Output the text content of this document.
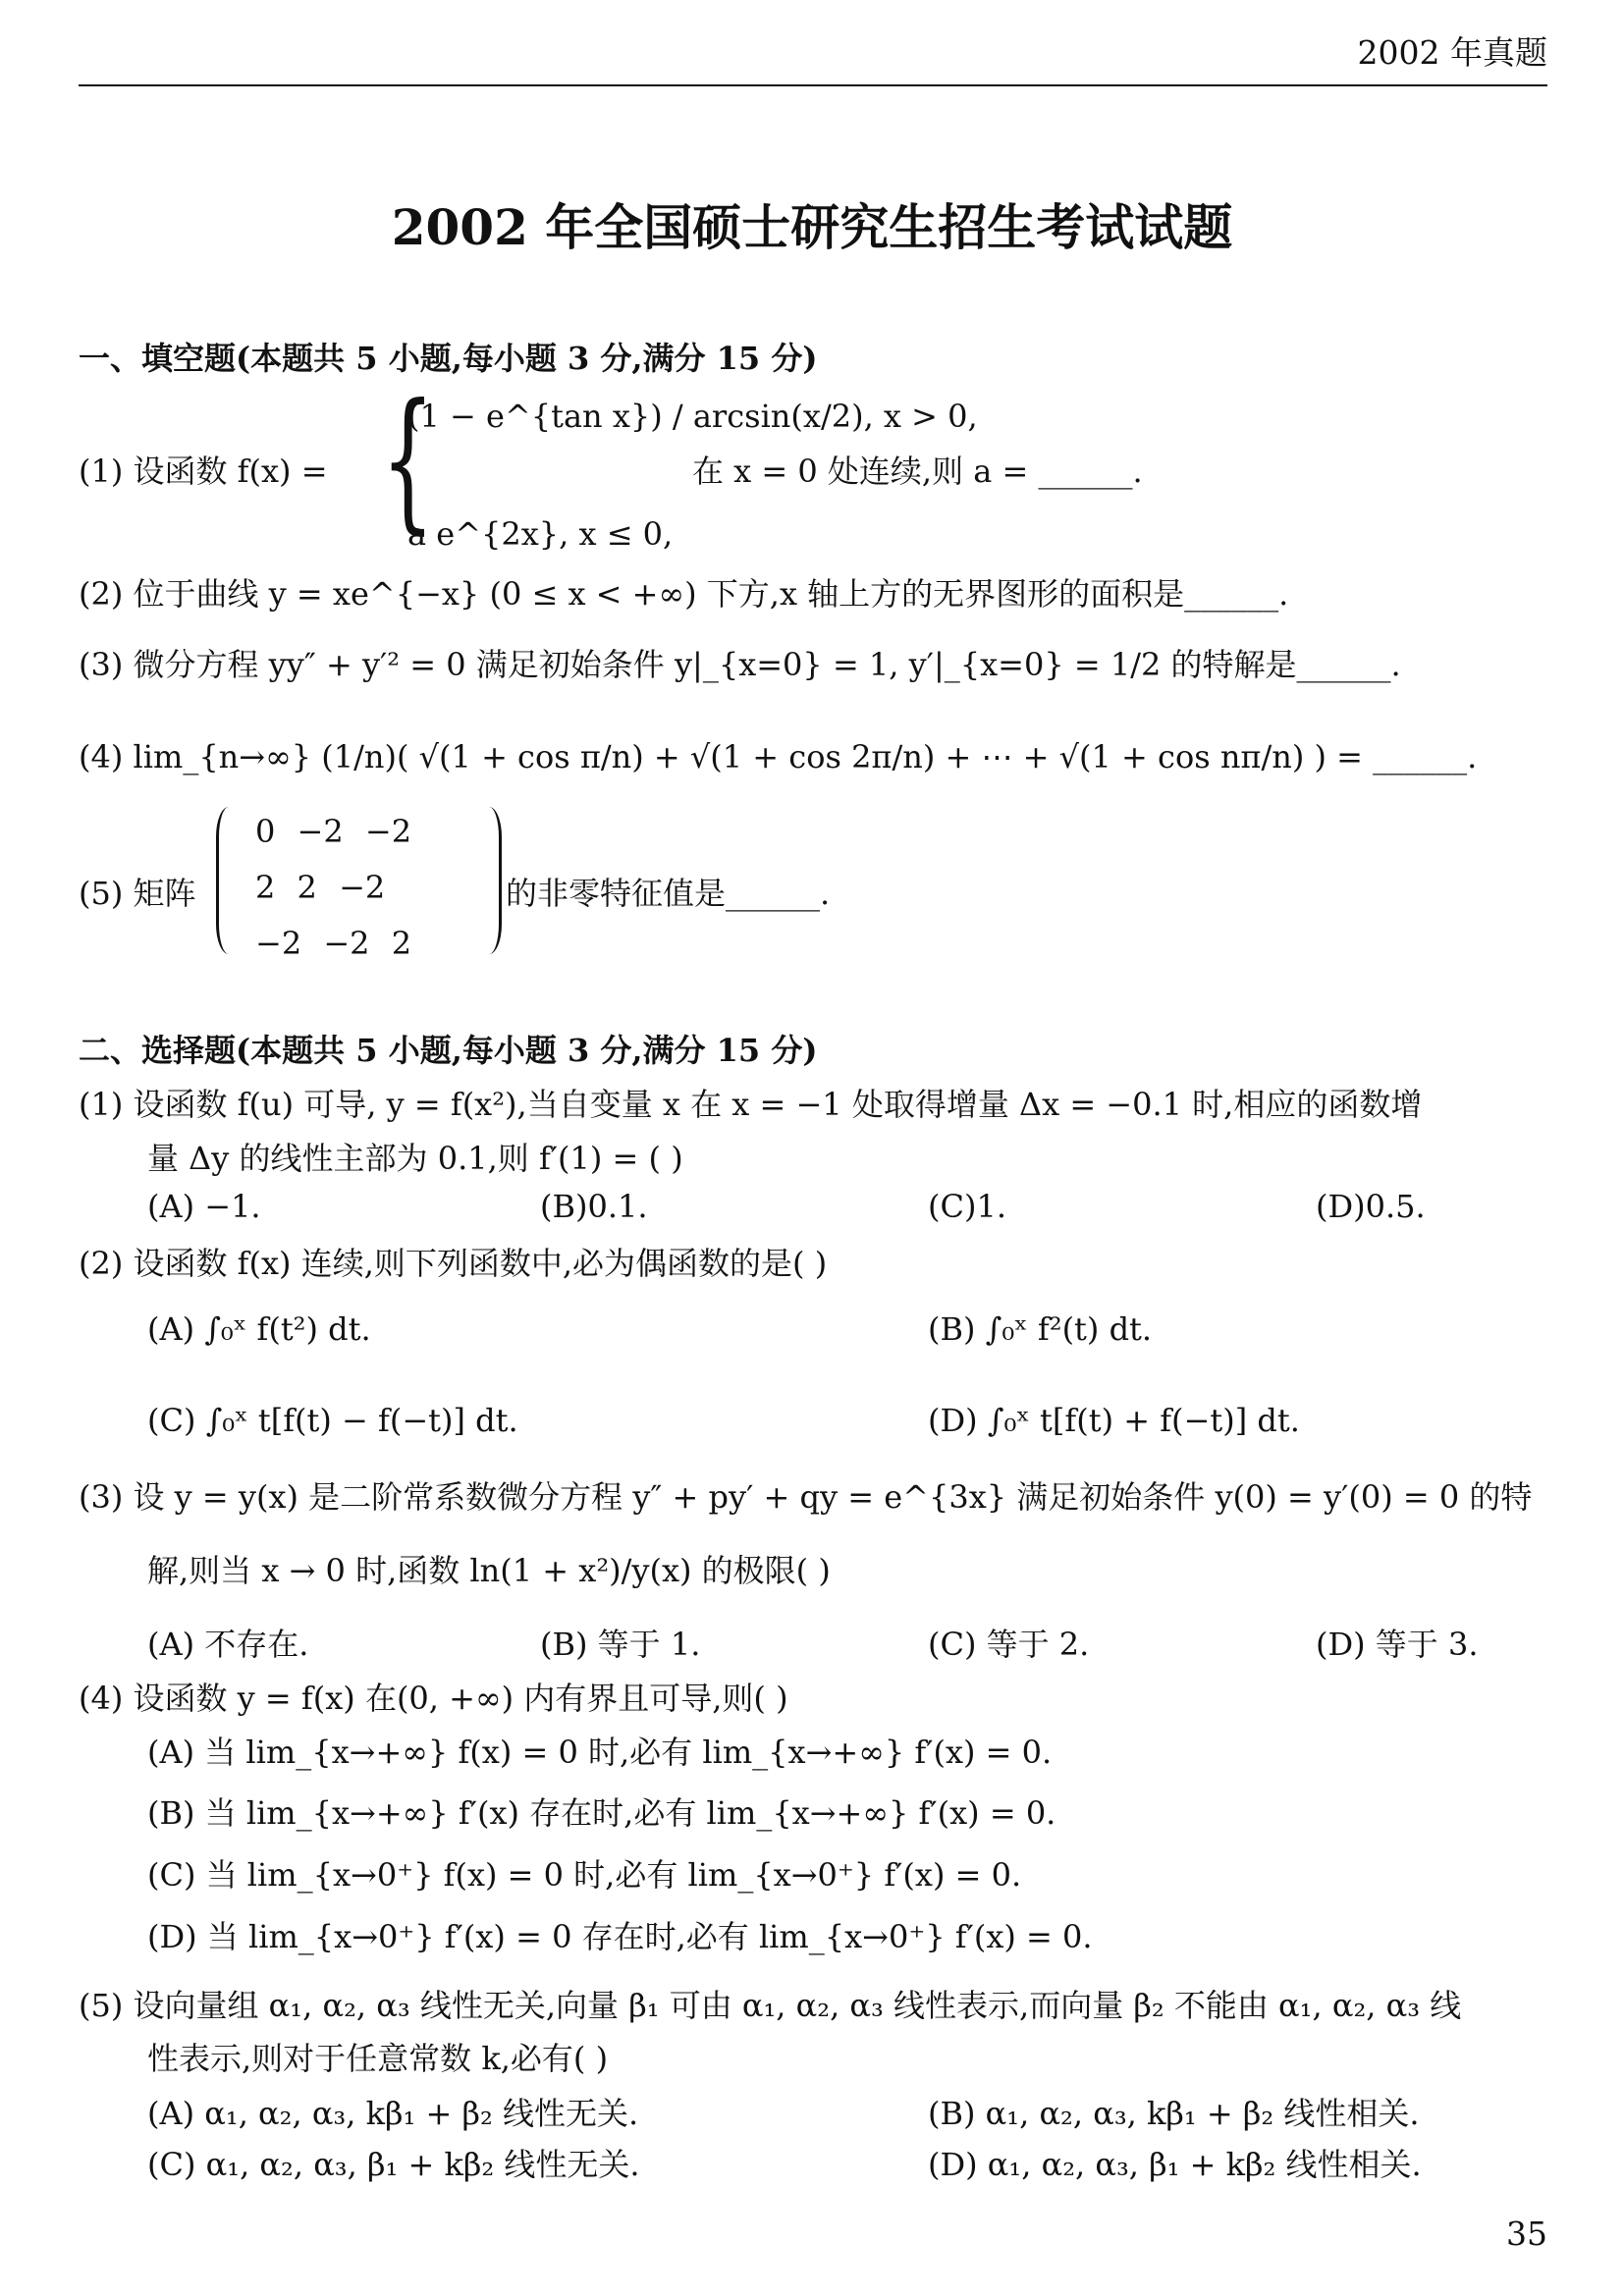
2002 年真题
2002 年全国硕士研究生招生考试试题
一、填空题(本题共 5 小题,每小题 3 分,满分 15 分)
(1) 设函数 f(x) = {
(1 − e^{tan x}) / arcsin(x/2), x > 0,
a e^{2x}, x ≤ 0,
在 x = 0 处连续,则 a = ______.
(2) 位于曲线 y = xe^{−x} (0 ≤ x < +∞) 下方,x 轴上方的无界图形的面积是______.
(3) 微分方程 yy″ + y′² = 0 满足初始条件 y|_{x=0} = 1, y′|_{x=0} = 1/2 的特解是______.
(4) lim_{n→∞} (1/n)( √(1 + cos π/n) + √(1 + cos 2π/n) + ⋯ + √(1 + cos nπ/n) ) = ______.
(5) 矩阵
0 −2 −2
2 2 −2
−2 −2 2
的非零特征值是______.
二、选择题(本题共 5 小题,每小题 3 分,满分 15 分)
(1) 设函数 f(u) 可导, y = f(x²),当自变量 x 在 x = −1 处取得增量 Δx = −0.1 时,相应的函数增
量 Δy 的线性主部为 0.1,则 f′(1) = ( )
(A) −1.	(B)0.1.	(C)1.	(D)0.5.
(2) 设函数 f(x) 连续,则下列函数中,必为偶函数的是( )
(A) ∫₀ˣ f(t²) dt.	(B) ∫₀ˣ f²(t) dt.
(C) ∫₀ˣ t[f(t) − f(−t)] dt.	(D) ∫₀ˣ t[f(t) + f(−t)] dt.
(3) 设 y = y(x) 是二阶常系数微分方程 y″ + py′ + qy = e^{3x} 满足初始条件 y(0) = y′(0) = 0 的特
解,则当 x → 0 时,函数 ln(1 + x²)/y(x) 的极限( )
(A) 不存在.	(B) 等于 1.	(C) 等于 2.	(D) 等于 3.
(4) 设函数 y = f(x) 在(0, +∞) 内有界且可导,则( )
(A) 当 lim_{x→+∞} f(x) = 0 时,必有 lim_{x→+∞} f′(x) = 0.
(B) 当 lim_{x→+∞} f′(x) 存在时,必有 lim_{x→+∞} f′(x) = 0.
(C) 当 lim_{x→0⁺} f(x) = 0 时,必有 lim_{x→0⁺} f′(x) = 0.
(D) 当 lim_{x→0⁺} f′(x) = 0 存在时,必有 lim_{x→0⁺} f′(x) = 0.
(5) 设向量组 α₁, α₂, α₃ 线性无关,向量 β₁ 可由 α₁, α₂, α₃ 线性表示,而向量 β₂ 不能由 α₁, α₂, α₃ 线
性表示,则对于任意常数 k,必有( )
(A) α₁, α₂, α₃, kβ₁ + β₂ 线性无关.	(B) α₁, α₂, α₃, kβ₁ + β₂ 线性相关.
(C) α₁, α₂, α₃, β₁ + kβ₂ 线性无关.	(D) α₁, α₂, α₃, β₁ + kβ₂ 线性相关.
35
